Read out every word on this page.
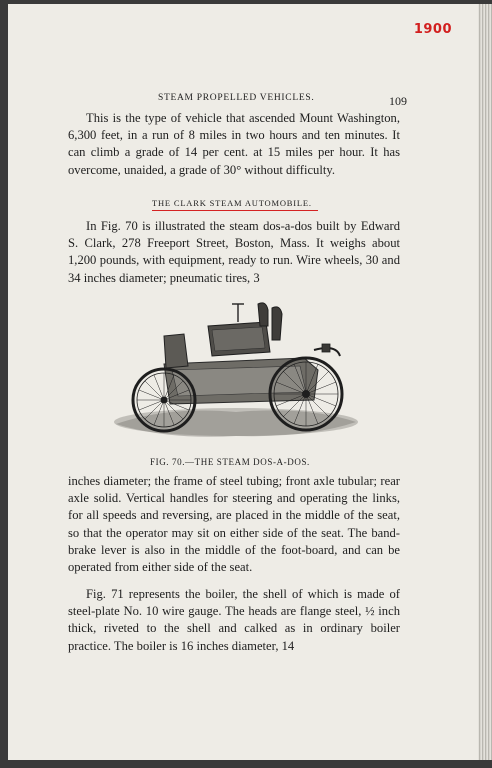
1900
STEAM PROPELLED VEHICLES.	109

This is the type of vehicle that ascended Mount Washington, 6,300 feet, in a run of 8 miles in two hours and ten minutes. It can climb a grade of 14 per cent. at 15 miles per hour. It has overcome, unaided, a grade of 30° without difficulty.

THE CLARK STEAM AUTOMOBILE.

In Fig. 70 is illustrated the steam dos-a-dos built by Edward S. Clark, 278 Freeport Street, Boston, Mass. It weighs about 1,200 pounds, with equipment, ready to run. Wire wheels, 30 and 34 inches diameter; pneumatic tires, 3

FIG. 70.—THE STEAM DOS-A-DOS.

inches diameter; the frame of steel tubing; front axle tubular; rear axle solid. Vertical handles for steering and operating the links, for all speeds and reversing, are placed in the middle of the seat, so that the operator may sit on either side of the seat. The band-brake lever is also in the middle of the foot-board, and can be operated from either side of the seat.

Fig. 71 represents the boiler, the shell of which is made of steel-plate No. 10 wire gauge. The heads are flange steel, ½ inch thick, riveted to the shell and calked as in ordinary boiler practice. The boiler is 16 inches diameter, 14
